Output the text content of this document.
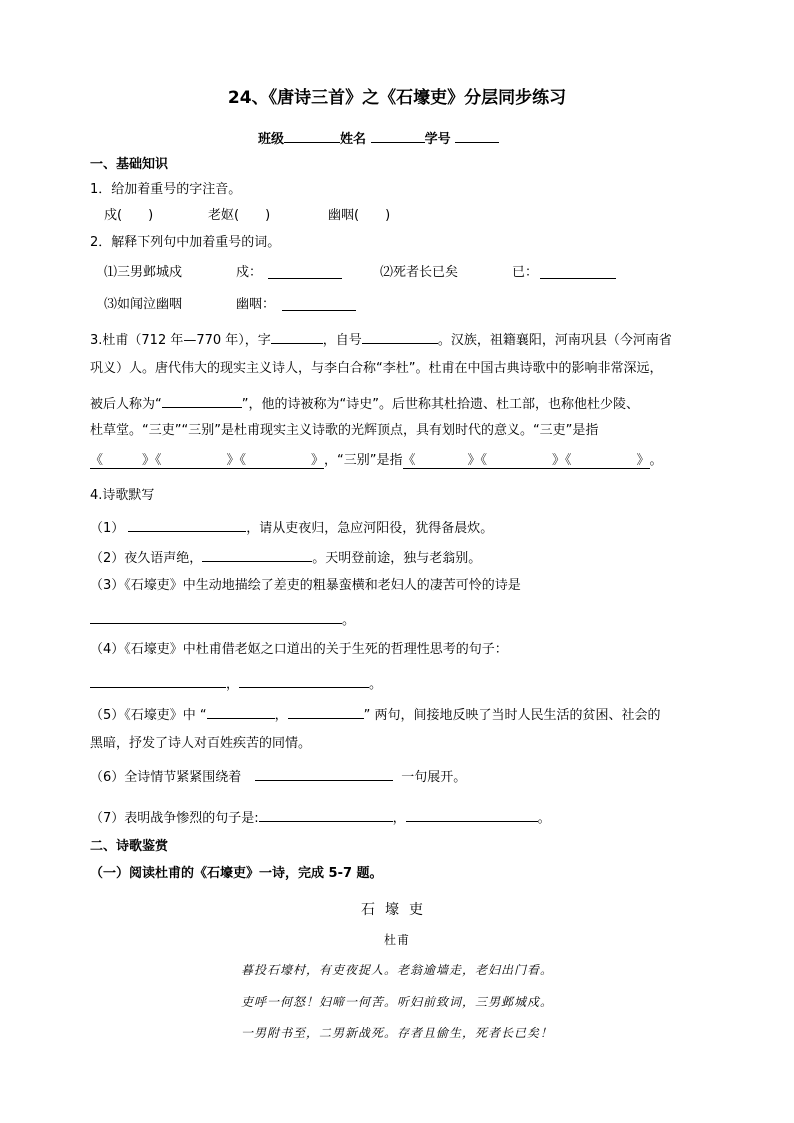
24、《唐诗三首》之《石壕吏》分层同步练习
班级	姓名	学号
一、基础知识
1．给加着重号的字注音。
戍(　　)	老妪(　　)	幽咽(　　)
2．解释下列句中加着重号的词。
⑴三男邺城戍	戍：	⑵死者长已矣	已：
⑶如闻泣幽咽	幽咽：
3.杜甫（712 年—770 年），字	，自号	。汉族，祖籍襄阳，河南巩县（今河南省
巩义）人。唐代伟大的现实主义诗人，与李白合称“李杜”。杜甫在中国古典诗歌中的影响非常深远，
被后人称为“	”，他的诗被称为“诗史”。后世称其杜拾遗、杜工部，也称他杜少陵、
杜草堂。“三吏”“三别”是杜甫现实主义诗歌的光辉顶点，具有划时代的意义。“三吏”是指
《　　　》《　　　　　》《　　　　　》，“三别”是指《　　　　》《　　　　　》《　　　　　》。
4.诗歌默写
（1）	，请从吏夜归，急应河阳役，犹得备晨炊。
（2）夜久语声绝，	。天明登前途，独与老翁别。
（3）《石壕吏》中生动地描绘了差吏的粗暴蛮横和老妇人的凄苦可怜的诗是
。
（4）《石壕吏》中杜甫借老妪之口道出的关于生死的哲理性思考的句子：
，	。
（5）《石壕吏》中 “	，	” 两句，间接地反映了当时人民生活的贫困、社会的
黑暗，抒发了诗人对百姓疾苦的同情。
（6）全诗情节紧紧围绕着	一句展开。
（7）表明战争惨烈的句子是:	，	。
二、诗歌鉴赏
（一）阅读杜甫的《石壕吏》一诗，完成 5-7 题。
石壕吏
杜甫
暮投石壕村，有吏夜捉人。老翁逾墙走，老妇出门看。
吏呼一何怒！妇啼一何苦。听妇前致词，三男邺城戍。
一男附书至，二男新战死。存者且偷生，死者长已矣！
